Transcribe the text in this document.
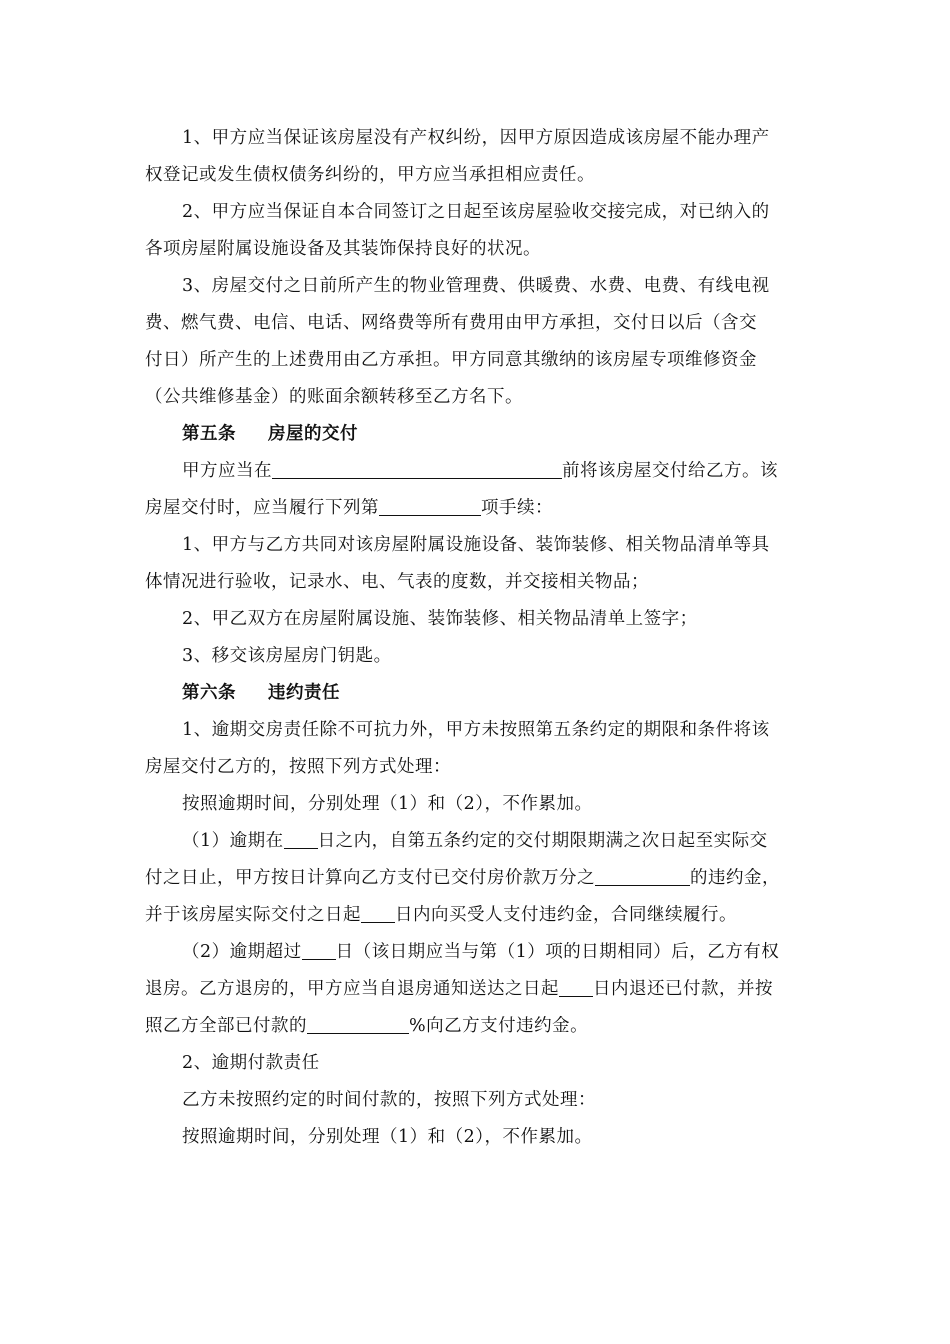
1、甲方应当保证该房屋没有产权纠纷，因甲方原因造成该房屋不能办理产
权登记或发生债权债务纠纷的，甲方应当承担相应责任。
2、甲方应当保证自本合同签订之日起至该房屋验收交接完成，对已纳入的
各项房屋附属设施设备及其装饰保持良好的状况。
3、房屋交付之日前所产生的物业管理费、供暖费、水费、电费、有线电视
费、燃气费、电信、电话、网络费等所有费用由甲方承担，交付日以后（含交
付日）所产生的上述费用由乙方承担。甲方同意其缴纳的该房屋专项维修资金
（公共维修基金）的账面余额转移至乙方名下。
第五条 房屋的交付
甲方应当在	前将该房屋交付给乙方。该
房屋交付时，应当履行下列第	项手续：
1、甲方与乙方共同对该房屋附属设施设备、装饰装修、相关物品清单等具
体情况进行验收，记录水、电、气表的度数，并交接相关物品；
2、甲乙双方在房屋附属设施、装饰装修、相关物品清单上签字；
3、移交该房屋房门钥匙。
第六条 违约责任
1、逾期交房责任除不可抗力外，甲方未按照第五条约定的期限和条件将该
房屋交付乙方的，按照下列方式处理：
按照逾期时间，分别处理（1）和（2），不作累加。
（1）逾期在 日之内，自第五条约定的交付期限期满之次日起至实际交
付之日止，甲方按日计算向乙方支付已交付房价款万分之	的违约金，
并于该房屋实际交付之日起 日内向买受人支付违约金，合同继续履行。
（2）逾期超过 日（该日期应当与第（1）项的日期相同）后，乙方有权
退房。乙方退房的，甲方应当自退房通知送达之日起 日内退还已付款，并按
照乙方全部已付款的	%向乙方支付违约金。
2、逾期付款责任
乙方未按照约定的时间付款的，按照下列方式处理：
按照逾期时间，分别处理（1）和（2），不作累加。
